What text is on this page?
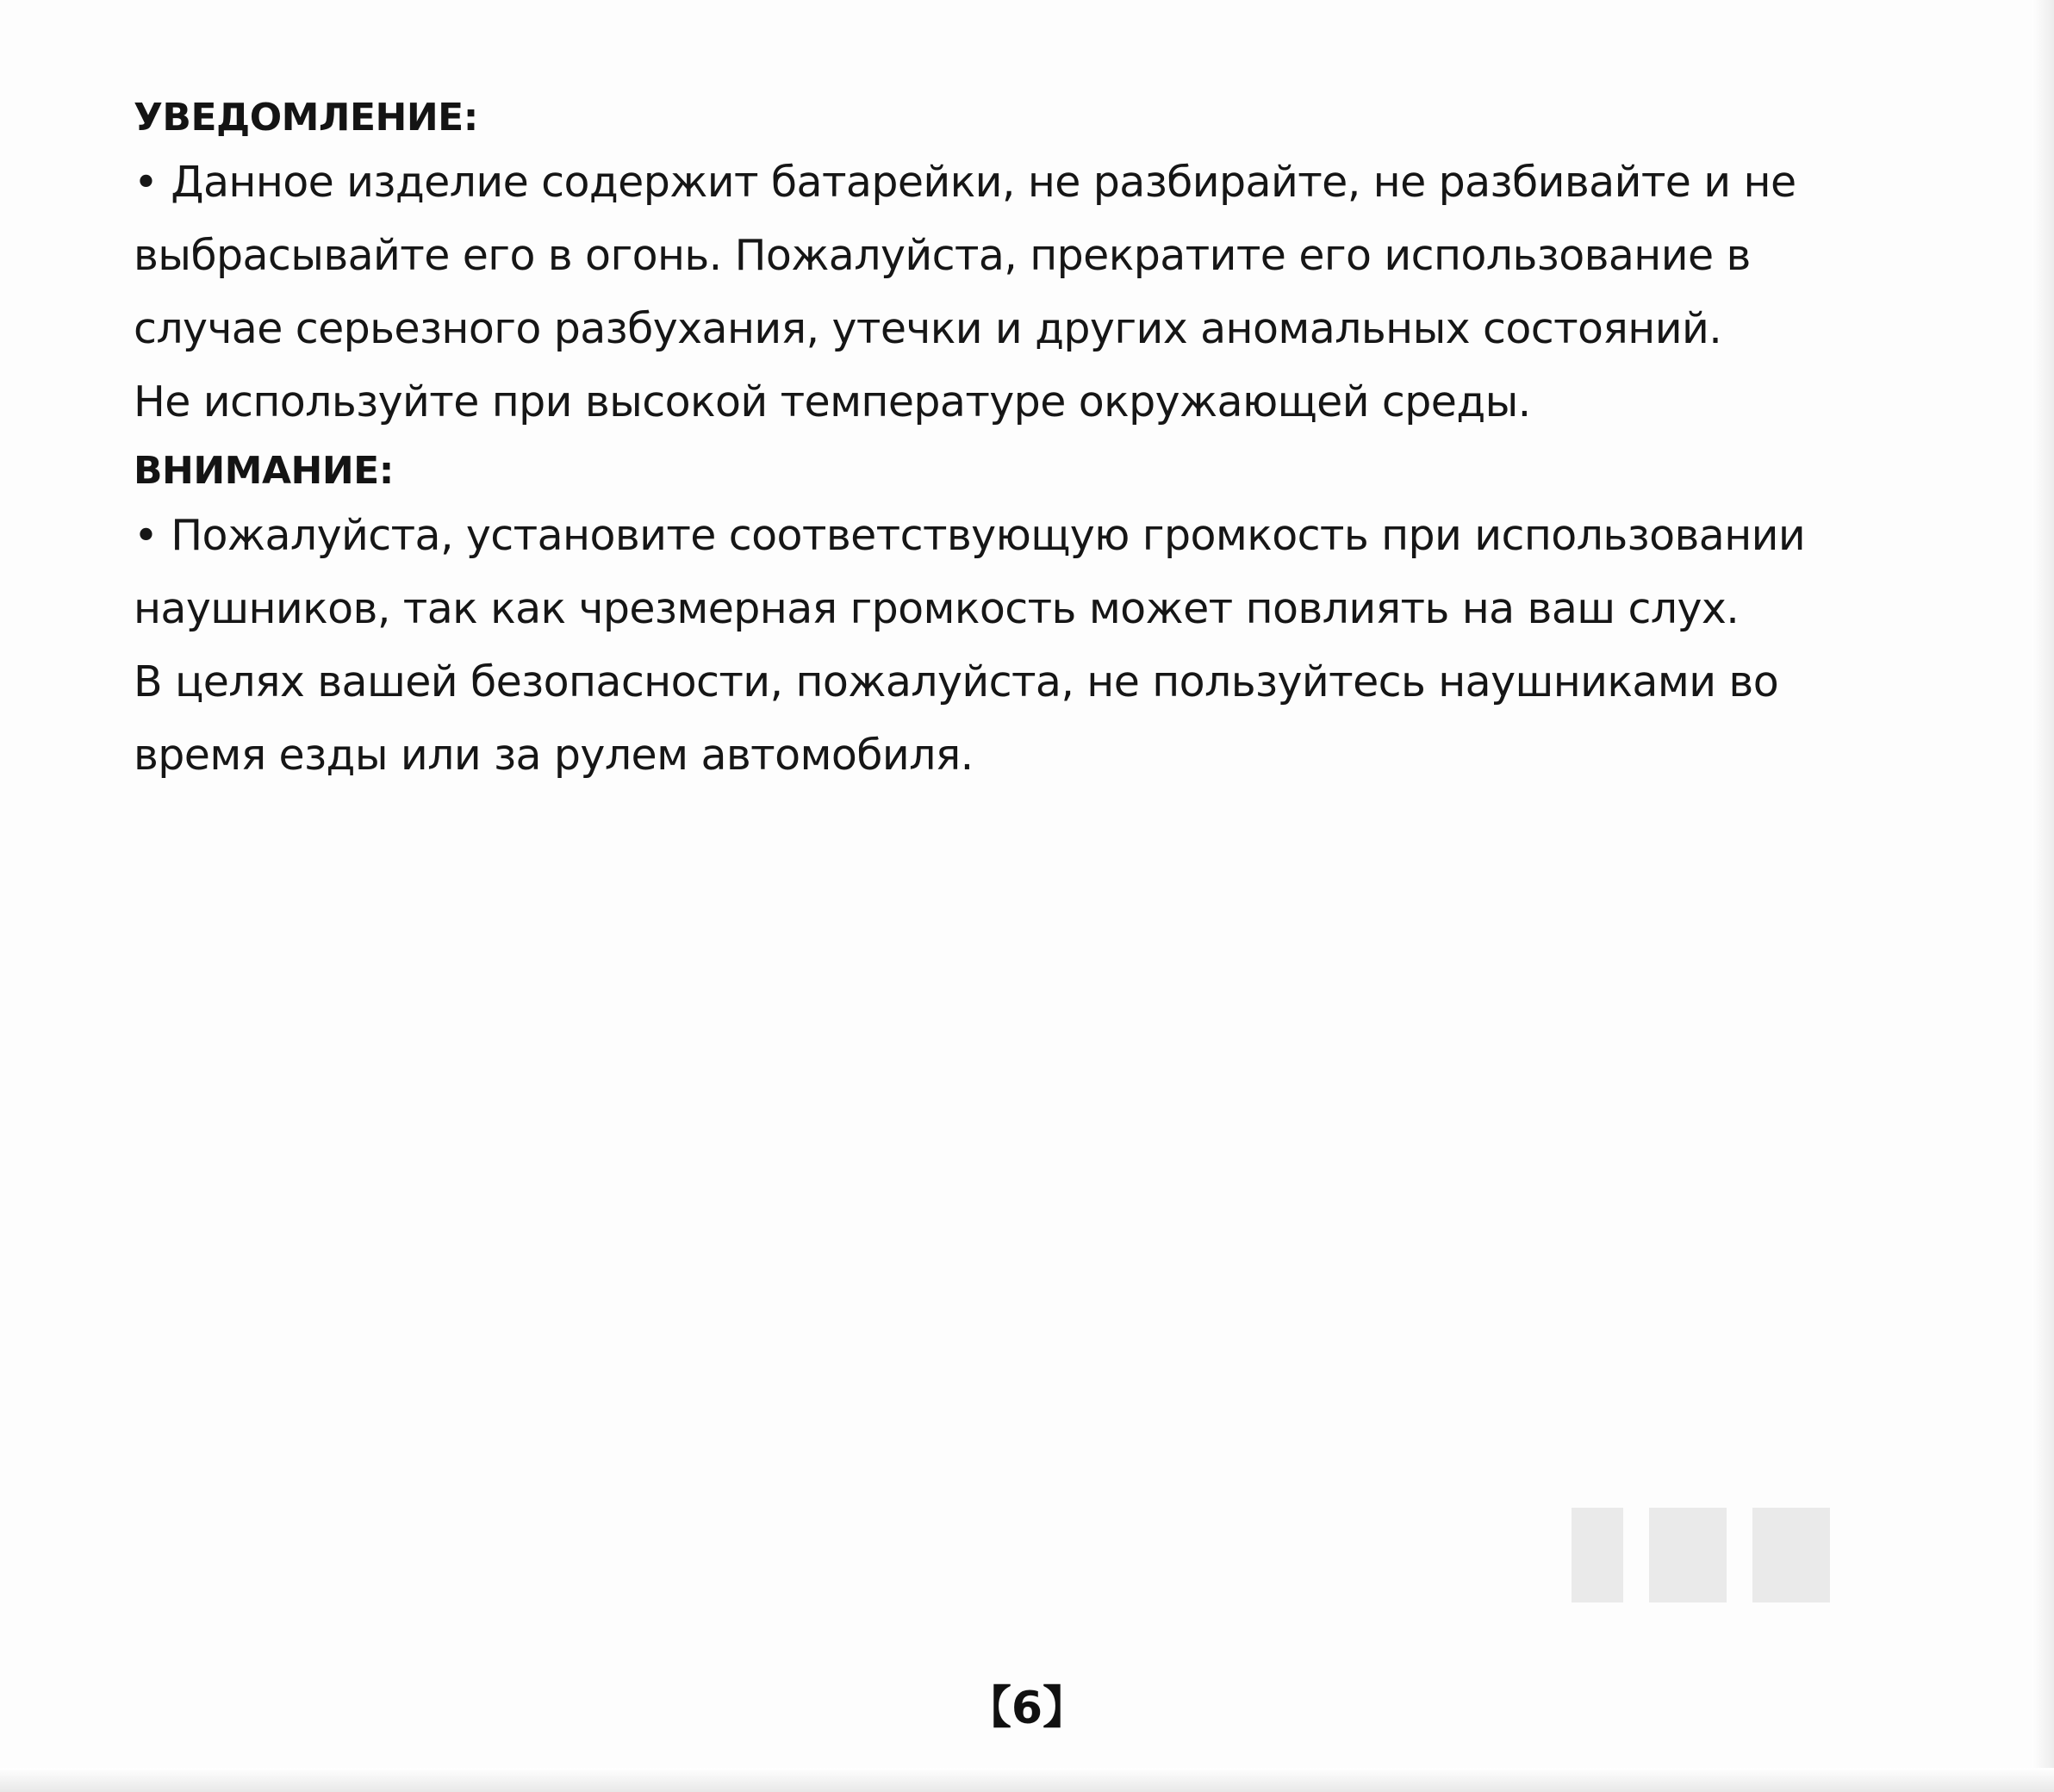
УВЕДОМЛЕНИЕ:

• Данное изделие содержит батарейки, не разбирайте, не разбивайте и не

выбрасывайте его в огонь. Пожалуйста, прекратите его использование в

случае серьезного разбухания, утечки и других аномальных состояний.

Не используйте при высокой температуре окружающей среды.

ВНИМАНИЕ:

• Пожалуйста, установите соответствующую громкость при использовании

наушников, так как чрезмерная громкость может повлиять на ваш слух.

В целях вашей безопасности, пожалуйста, не пользуйтесь наушниками во

время езды или за рулем автомобиля.

【6】
